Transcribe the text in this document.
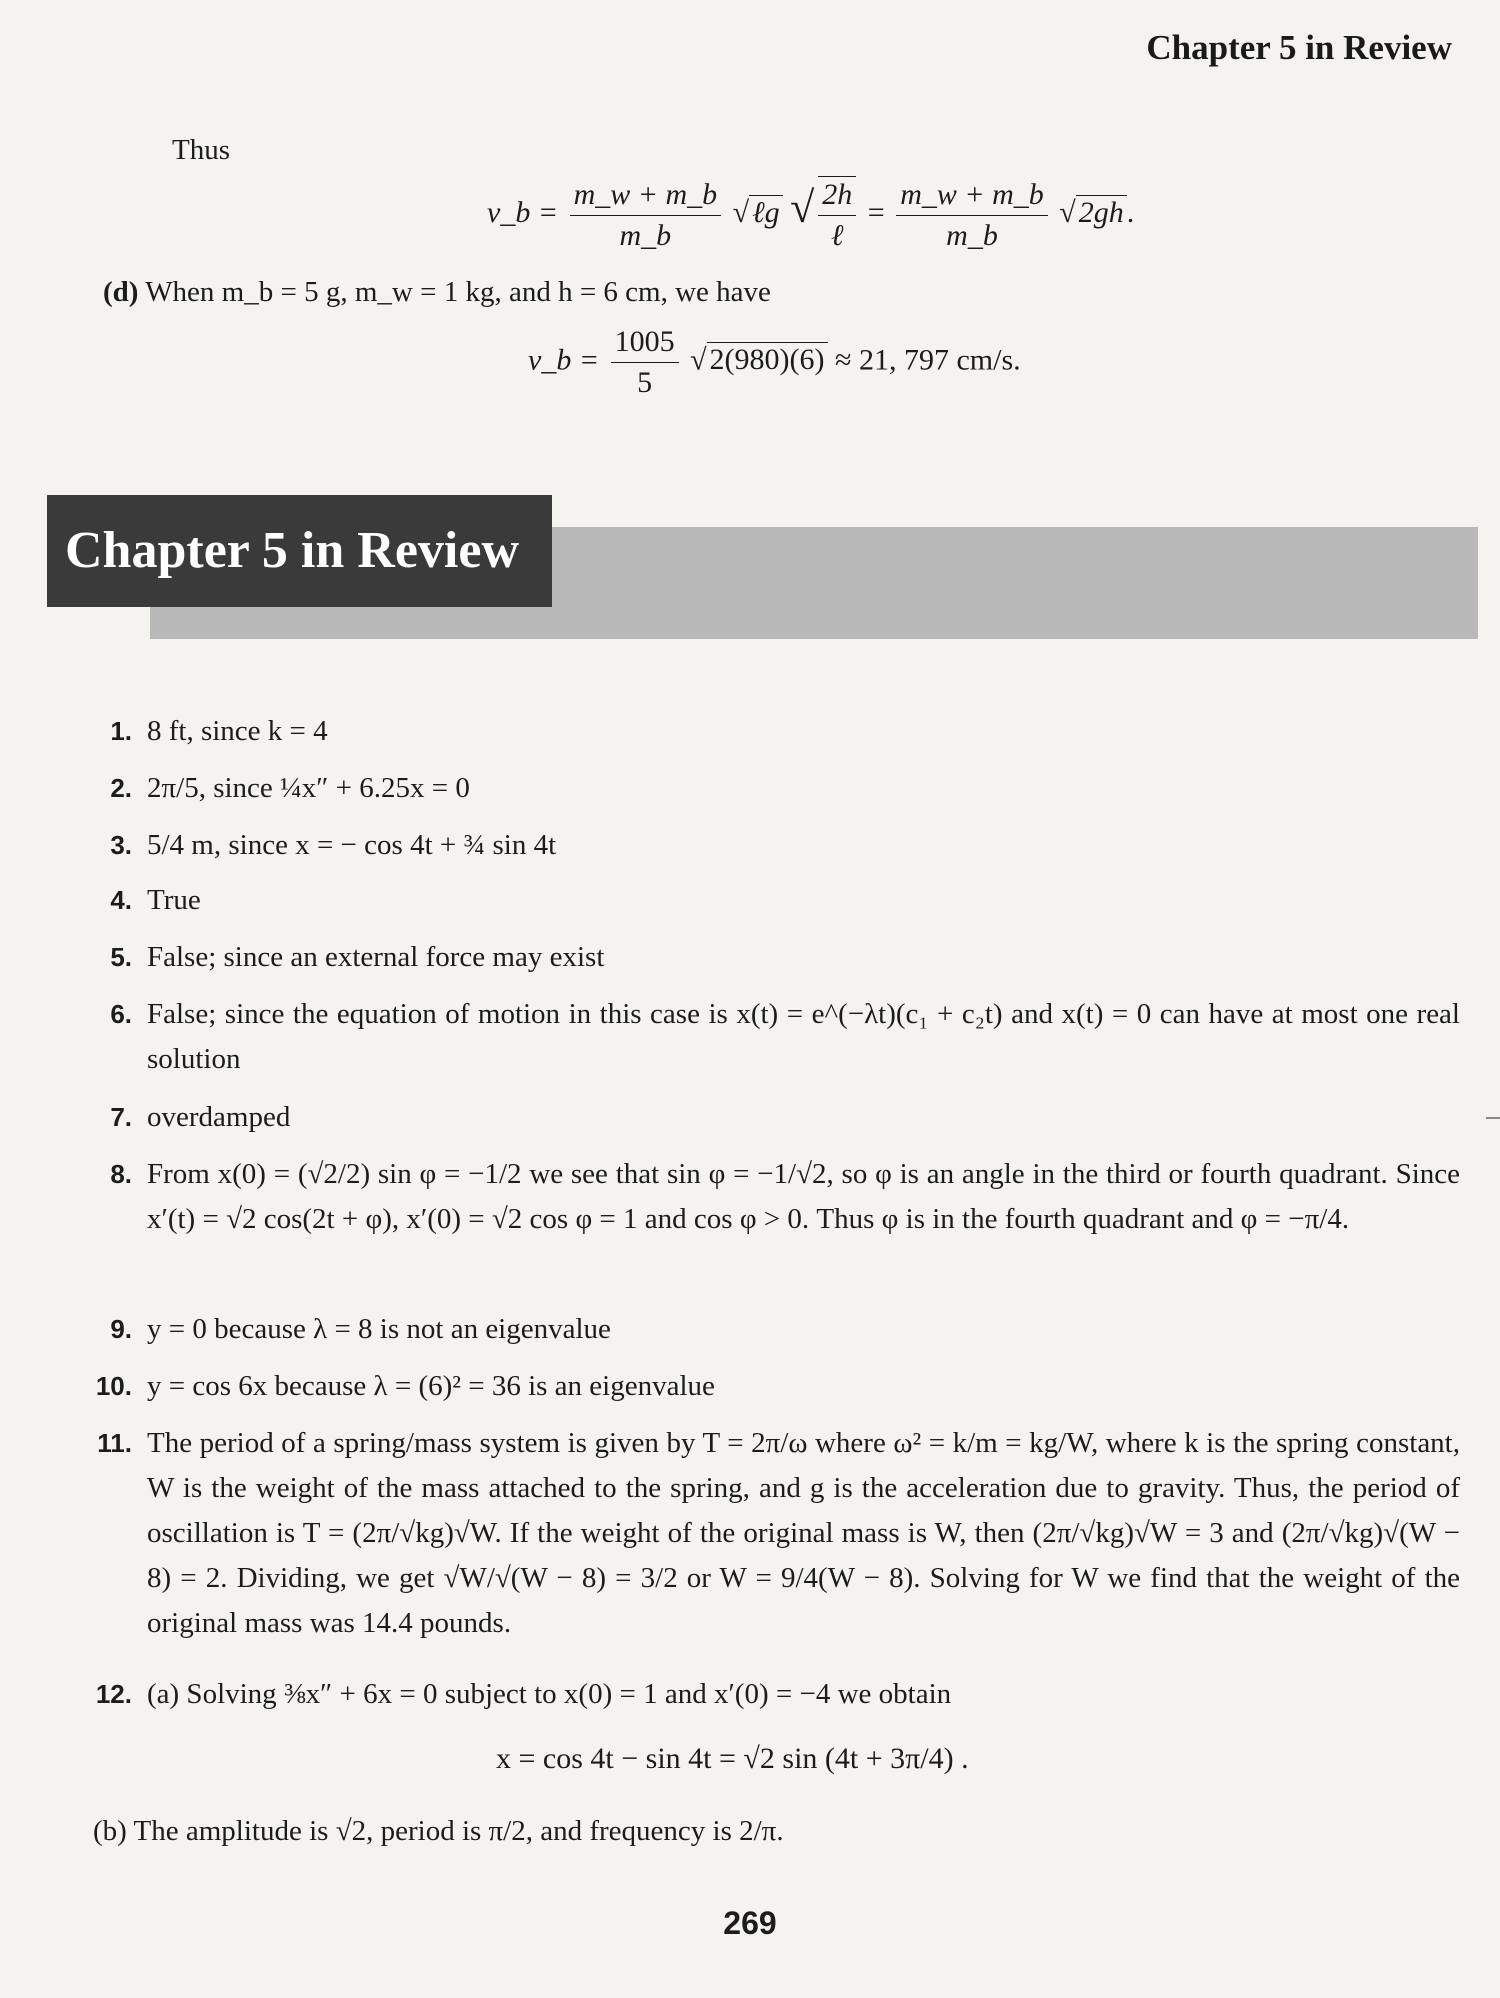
Chapter 5 in Review
Thus
v_b = $\frac{m\_w + m\_b}{m\_b}$ √ ℓg √ $\frac{2h}{\text{ℓ}} = \frac{m\_w + m\_b}{m\_b}$ √ 2gh .
(d) When m_b = 5 g, m_w = 1 kg, and h = 6 cm, we have
v_b = $\frac{1005}{5}$ √ 2(980)(6) ≈ 21, 797 cm/s.
Chapter 5 in Review
1. 8 ft, since k = 4
2. 2π/5, since ¼x″ + 6.25x = 0
3. 5/4 m, since x = − cos 4t + ¾ sin 4t
4. True
5. False; since an external force may exist
6. False; since the equation of motion in this case is x(t) = e^(−λt)(c₁ + c₂t) and x(t) = 0 can have at most one real solution
7. overdamped
8. From x(0) = (√2/2) sin φ = −1/2 we see that sin φ = −1/√2, so φ is an angle in the third or fourth quadrant. Since x′(t) = √2 cos(2t + φ), x′(0) = √2 cos φ = 1 and cos φ > 0. Thus φ is in the fourth quadrant and φ = −π/4.
9. y = 0 because λ = 8 is not an eigenvalue
10. y = cos 6x because λ = (6)² = 36 is an eigenvalue
11. The period of a spring/mass system is given by T = 2π/ω where ω² = k/m = kg/W, where k is the spring constant, W is the weight of the mass attached to the spring, and g is the acceleration due to gravity. Thus, the period of oscillation is T = (2π/√kg)√W. If the weight of the original mass is W, then (2π/√kg)√W = 3 and (2π/√kg)√(W − 8) = 2. Dividing, we get √W/√(W − 8) = 3/2 or W = 9/4(W − 8). Solving for W we find that the weight of the original mass was 14.4 pounds.
12. (a) Solving ⅜x″ + 6x = 0 subject to x(0) = 1 and x′(0) = −4 we obtain
x = cos 4t − sin 4t = √2 sin (4t + 3π/4) .
(b) The amplitude is √2, period is π/2, and frequency is 2/π.
269
